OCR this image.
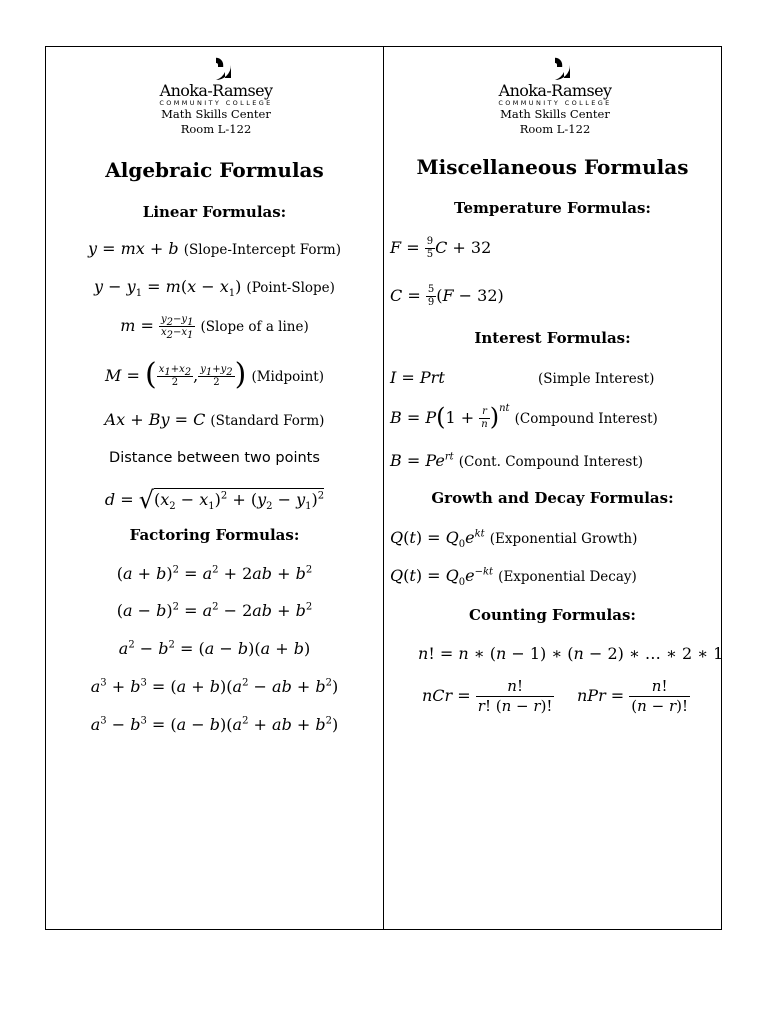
Anoka-Ramsey
COMMUNITY COLLEGE
Math Skills Center
Room L-122
Algebraic Formulas
Linear Formulas:
y = mx + b (Slope-Intercept Form)
$y - y_1 = m(x - x_1)$ (Point-Slope)
$m = \frac{y_2-y_1}{x_2-x_1}$ (Slope of a line)
M = ( $\frac{x_1+x_2}{2}$ , $\frac{y_1+y_2}{2}$ ) (Midpoint)
Ax + By = C (Standard Form)
Distance between two points
$d = √(x_2 - x_1)^2 + (y_2 - y_1)^2$
Factoring Formulas:
$(a + b)^2 = a^2 + 2ab + b^2$
$(a - b)^2 = a^2 - 2ab + b^2$
$a^2 - b^2 = (a - b)(a + b)$
$a^3 + b^3 = (a + b)(a^2$ − ab + $b^2$)
$a^3 - b^3 = (a - b)(a^2$ + ab + $b^2$)
Anoka-Ramsey
COMMUNITY COLLEGE
Math Skills Center
Room L-122
Miscellaneous Formulas
Temperature Formulas:
$F = \frac{9}{5}$ C + 32
$C = \frac{5}{9} (F - 32)$
Interest Formulas:
I = Prt	(Simple Interest)
$B = P(1 + \frac{r}{n} )^{nt}$ (Compound Interest)
$B = Pe^{rt}$ (Cont. Compound Interest)
Growth and Decay Formulas:
$Q(t) = Q_0e^{kt}$ (Exponential Growth)
$Q(t) = Q_0e^{-kt}$ (Exponential Decay)
Counting Formulas:
n! = n ∗ (n − 1) ∗ (n − 2) ∗ … ∗ 2 ∗ 1
nCr = $\frac{n!}{r! (n - r)!}$ nPr = $\frac{n!}{(n - r)!}$
